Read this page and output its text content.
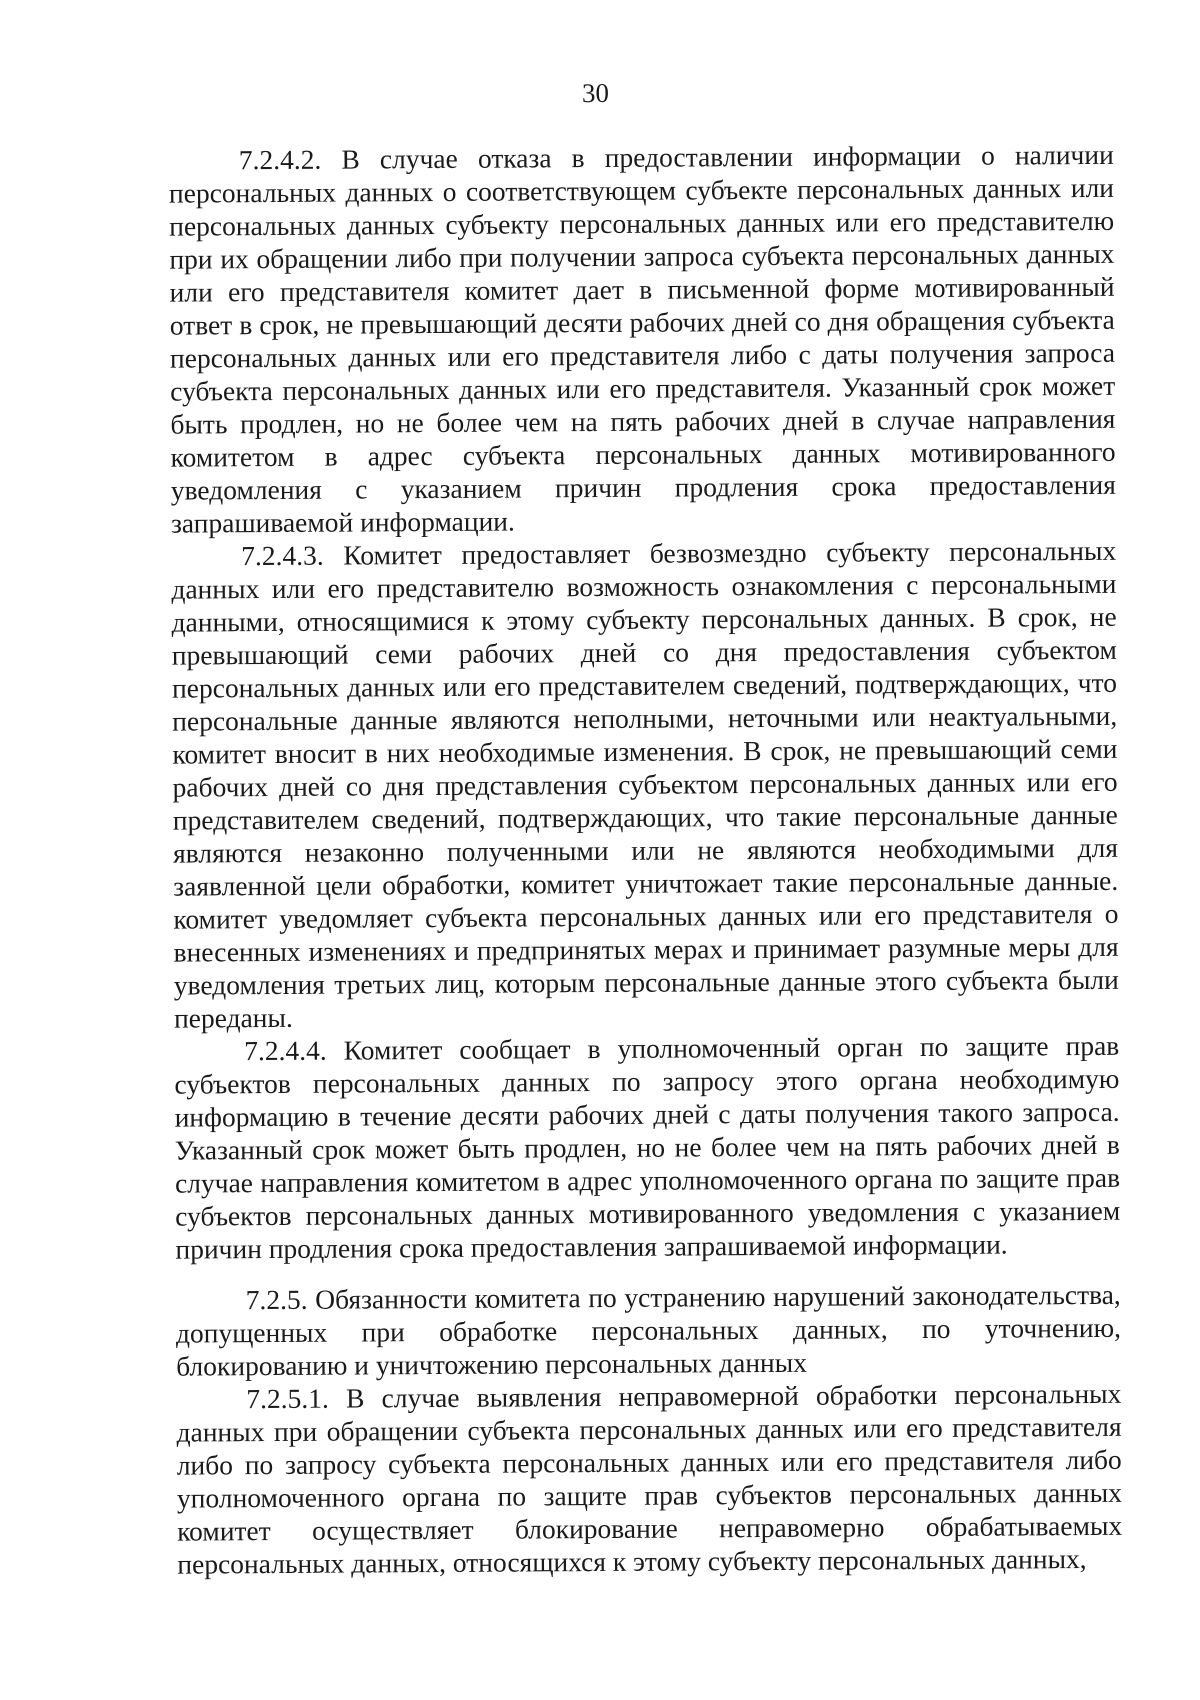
30

7.2.4.2. В случае отказа в предоставлении информации о наличии персональных данных о соответствующем субъекте персональных данных или персональных данных субъекту персональных данных или его представителю при их обращении либо при получении запроса субъекта персональных данных или его представителя комитет дает в письменной форме мотивированный ответ в срок, не превышающий десяти рабочих дней со дня обращения субъекта персональных данных или его представителя либо с даты получения запроса субъекта персональных данных или его представителя. Указанный срок может быть продлен, но не более чем на пять рабочих дней в случае направления комитетом в адрес субъекта персональных данных мотивированного уведомления с указанием причин продления срока предоставления запрашиваемой информации.

7.2.4.3. Комитет предоставляет безвозмездно субъекту персональных данных или его представителю возможность ознакомления с персональными данными, относящимися к этому субъекту персональных данных. В срок, не превышающий семи рабочих дней со дня предоставления субъектом персональных данных или его представителем сведений, подтверждающих, что персональные данные являются неполными, неточными или неактуальными, комитет вносит в них необходимые изменения. В срок, не превышающий семи рабочих дней со дня представления субъектом персональных данных или его представителем сведений, подтверждающих, что такие персональные данные являются незаконно полученными или не являются необходимыми для заявленной цели обработки, комитет уничтожает такие персональные данные. комитет уведомляет субъекта персональных данных или его представителя о внесенных изменениях и предпринятых мерах и принимает разумные меры для уведомления третьих лиц, которым персональные данные этого субъекта были переданы.

7.2.4.4. Комитет сообщает в уполномоченный орган по защите прав субъектов персональных данных по запросу этого органа необходимую информацию в течение десяти рабочих дней с даты получения такого запроса. Указанный срок может быть продлен, но не более чем на пять рабочих дней в случае направления комитетом в адрес уполномоченного органа по защите прав субъектов персональных данных мотивированного уведомления с указанием причин продления срока предоставления запрашиваемой информации.

7.2.5. Обязанности комитета по устранению нарушений законодательства, допущенных при обработке персональных данных, по уточнению, блокированию и уничтожению персональных данных

7.2.5.1. В случае выявления неправомерной обработки персональных данных при обращении субъекта персональных данных или его представителя либо по запросу субъекта персональных данных или его представителя либо уполномоченного органа по защите прав субъектов персональных данных комитет осуществляет блокирование неправомерно обрабатываемых персональных данных, относящихся к этому субъекту персональных данных,
